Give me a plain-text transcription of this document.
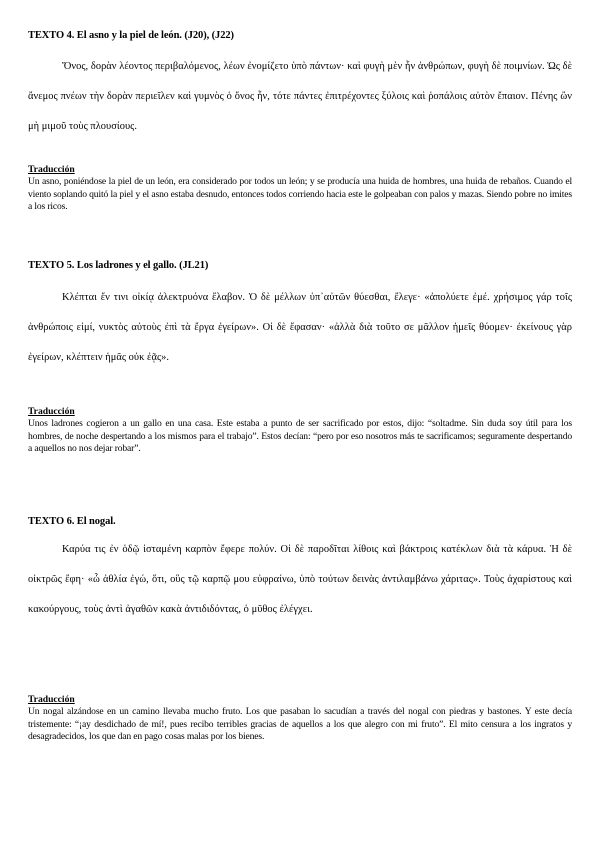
TEXTO 4. El asno y la piel de león. (J20), (J22)
Ὄνος, δορὰν λέοντος περιβαλόμενος, λέων ἐνομίζετο ὑπὸ πάντων· καὶ φυγὴ μὲν ἦν ἀνθρώπων, φυγὴ δὲ ποιμνίων. Ὡς δὲ ἄνεμος πνέων τὴν δορὰν περιεῖλεν καὶ γυμνὸς ὁ ὄνος ἦν, τότε πάντες ἐπιτρέχοντες ξύλοις καὶ ῥοπάλοις αὐτὸν ἔπαιον. Πένης ὢν μὴ μιμοῦ τοὺς πλουσίους.
Traducción
Un asno, poniéndose la piel de un león, era considerado por todos un león; y se producía una huida de hombres, una huida de rebaños. Cuando el viento soplando quitó la piel y el asno estaba desnudo, entonces todos corriendo hacia este le golpeaban con palos y mazas. Siendo pobre no imites a los ricos.
TEXTO 5. Los ladrones y el gallo. (JL21)
Κλέπται ἔν τινι οἰκίᾳ ἀλεκτρυόνα ἔλαβον. Ὁ δὲ μέλλων ὑπ᾽αὐτῶν θύεσθαι, ἔλεγε· «ἀπολύετε ἐμέ. χρήσιμος γάρ τοῖς ἀνθρώποις εἰμί, νυκτὸς αὐτοὺς ἐπὶ τὰ ἔργα ἐγείρων». Οἱ δὲ ἔφασαν· «ἀλλὰ διὰ τοῦτο σε μᾶλλον ἡμεῖς θύομεν· ἐκείνους γὰρ ἐγείρων, κλέπτειν ἡμᾶς οὐκ ἐᾷς».
Traducción
Unos ladrones cogieron a un gallo en una casa. Este estaba a punto de ser sacrificado por estos, dijo: “soltadme. Sin duda soy útil para los hombres, de noche despertando a los mismos para el trabajo”. Estos decían: “pero por eso nosotros más te sacrificamos; seguramente despertando a aquellos no nos dejar robar”.
TEXTO 6. El nogal.
Καρύα τις ἐν ὁδῷ ἱσταμένη καρπὸν ἔφερε πολύν. Οἱ δὲ παροδῖται λίθοις καὶ βάκτροις κατέκλων διὰ τὰ κάρυα. Ἡ δὲ οἰκτρῶς ἔφη· «ὦ ἀθλία ἐγώ, ὅτι, οὓς τῷ καρπῷ μου εὐφραίνω, ὑπὸ τούτων δεινὰς ἀντιλαμβάνω χάριτας». Τοὺς ἀχαρίστους καὶ κακούργους, τοὺς ἀντὶ ἀγαθῶν κακὰ ἀντιδιδόντας, ὁ μῦθος ἐλέγχει.
Traducción
Un nogal alzándose en un camino llevaba mucho fruto. Los que pasaban lo sacudían a través del nogal con piedras y bastones. Y este decía tristemente: “¡ay desdichado de mí!, pues recibo terribles gracias de aquellos a los que alegro con mi fruto”. El mito censura a los ingratos y desagradecidos, los que dan en pago cosas malas por los bienes.
